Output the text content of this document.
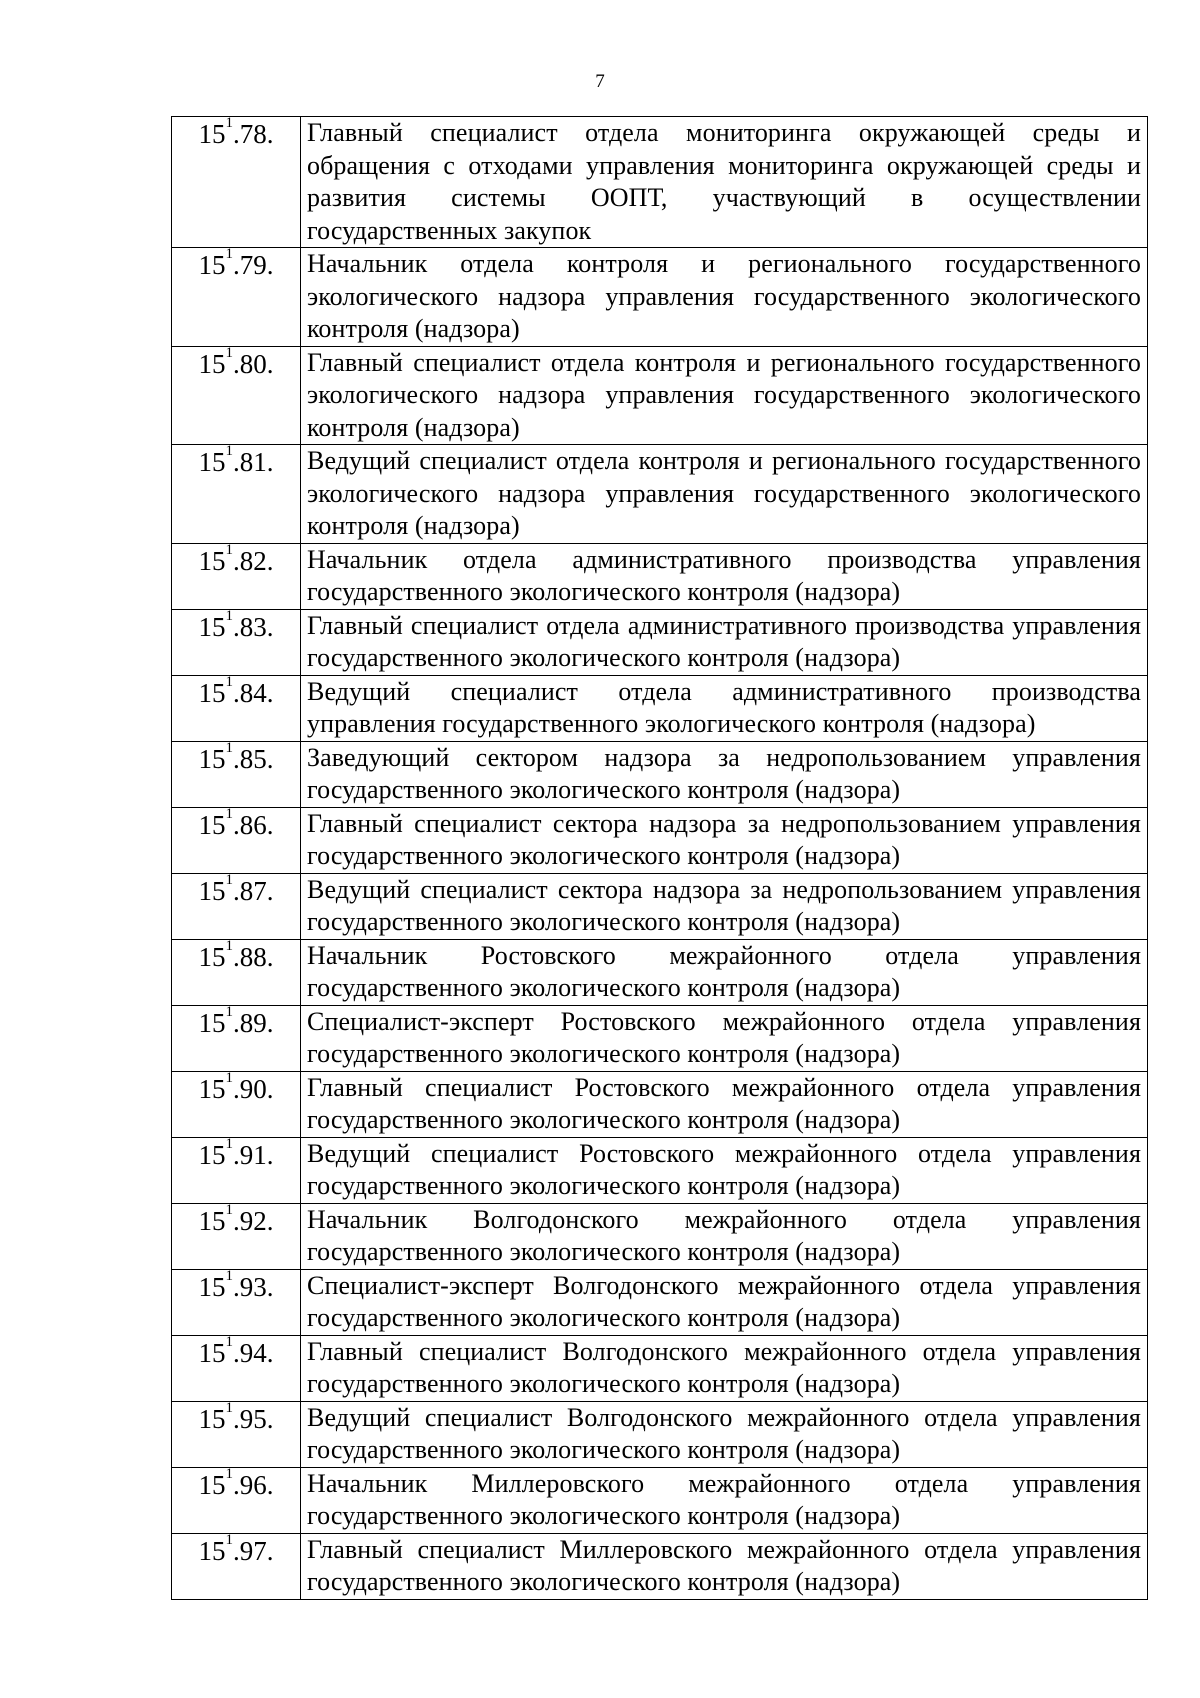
7
$15^1.78$.	Главный специалист отдела мониторинга окружающей среды и обращения с отходами управления мониторинга окружающей среды и развития системы ООПТ, участвующий в осуществлении государственных закупок
$15^1.79$.	Начальник отдела контроля и регионального государственного экологического надзора управления государственного экологического контроля (надзора)
$15^1.80$.	Главный специалист отдела контроля и регионального государственного экологического надзора управления государственного экологического контроля (надзора)
$15^1.81$.	Ведущий специалист отдела контроля и регионального государственного экологического надзора управления государственного экологического контроля (надзора)
$15^1.82$.	Начальник отдела административного производства управления государственного экологического контроля (надзора)
$15^1.83$.	Главный специалист отдела административного производства управления государственного экологического контроля (надзора)
$15^1.84$.	Ведущий специалист отдела административного производства управления государственного экологического контроля (надзора)
$15^1.85$.	Заведующий сектором надзора за недропользованием управления государственного экологического контроля (надзора)
$15^1.86$.	Главный специалист сектора надзора за недропользованием управления государственного экологического контроля (надзора)
$15^1.87$.	Ведущий специалист сектора надзора за недропользованием управления государственного экологического контроля (надзора)
$15^1.88$.	Начальник Ростовского межрайонного отдела управления государственного экологического контроля (надзора)
$15^1.89$.	Специалист-эксперт Ростовского межрайонного отдела управления государственного экологического контроля (надзора)
$15^1.90$.	Главный специалист Ростовского межрайонного отдела управления государственного экологического контроля (надзора)
$15^1.91$.	Ведущий специалист Ростовского межрайонного отдела управления государственного экологического контроля (надзора)
$15^1.92$.	Начальник Волгодонского межрайонного отдела управления государственного экологического контроля (надзора)
$15^1.93$.	Специалист-эксперт Волгодонского межрайонного отдела управления государственного экологического контроля (надзора)
$15^1.94$.	Главный специалист Волгодонского межрайонного отдела управления государственного экологического контроля (надзора)
$15^1.95$.	Ведущий специалист Волгодонского межрайонного отдела управления государственного экологического контроля (надзора)
$15^1.96$.	Начальник Миллеровского межрайонного отдела управления государственного экологического контроля (надзора)
$15^1.97$.	Главный специалист Миллеровского межрайонного отдела управления государственного экологического контроля (надзора)
